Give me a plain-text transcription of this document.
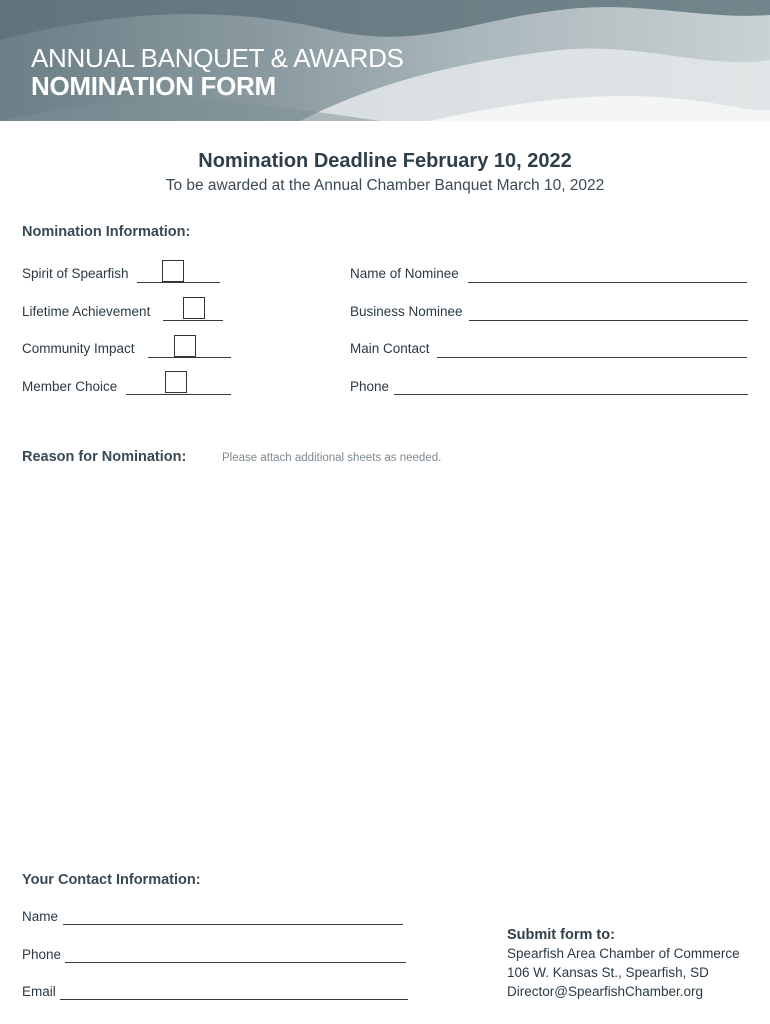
ANNUAL BANQUET & AWARDS
NOMINATION FORM
Nomination Deadline February 10, 2022
To be awarded at the Annual Chamber Banquet March 10, 2022
Nomination Information:
Spirit of Spearfish
Lifetime Achievement
Community Impact
Member Choice
Name of Nominee
Business Nominee
Main Contact
Phone
Reason for Nomination:	Please attach additional sheets as needed.
Your Contact Information:
Name
Phone
Email
Submit form to:
Spearfish Area Chamber of Commerce
106 W. Kansas St., Spearfish, SD
Director@SpearfishChamber.org
